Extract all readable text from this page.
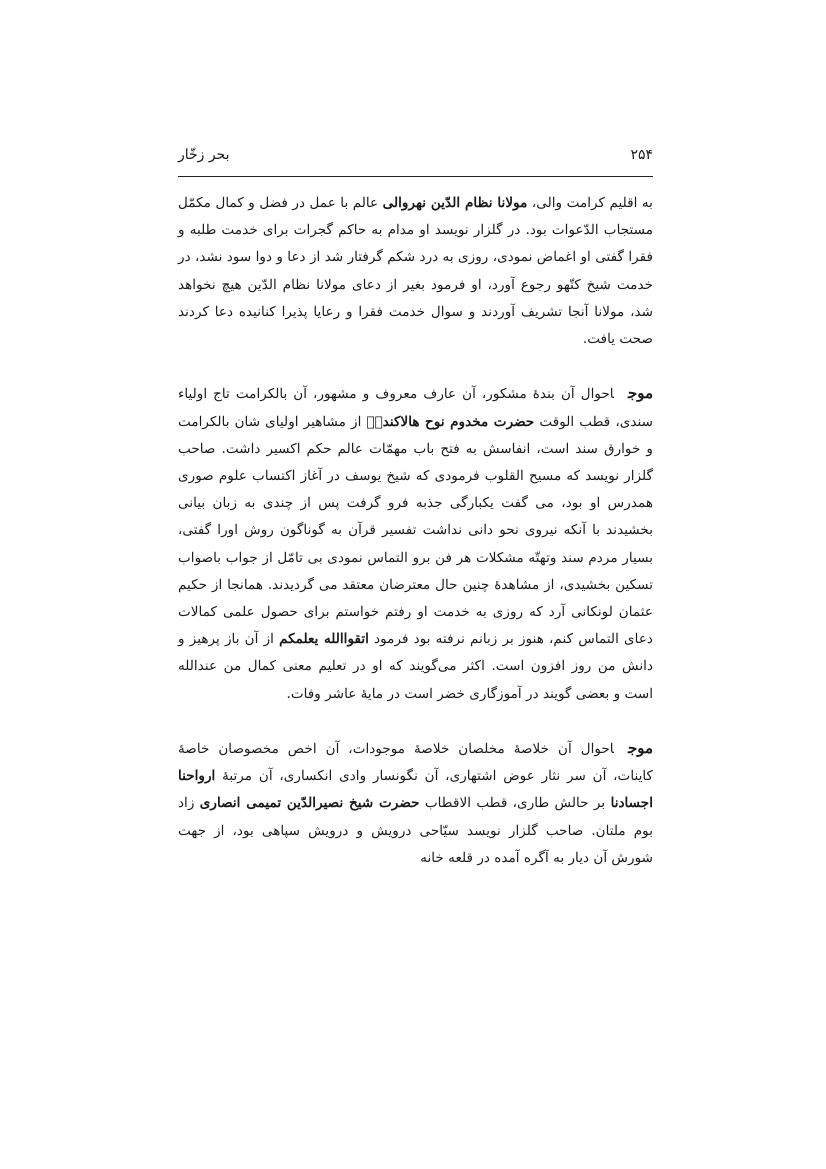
۲۵۴
بحر زخّار

به اقلیم کرامت والی، مولانا نظام الدّین نهروالی عالم با عمل در فضل و کمال مکمّل مستجاب الدّعوات بود. در گلزار نویسد او مدام به حاکم گجرات برای خدمت طلبه و فقرا گفتی او اغماض نمودی، روزی به درد شکم گرفتار شد از دعا و دوا سود نشد، در خدمت شیخ کتّهو رجوع آورد، او فرمود بغیر از دعای مولانا نظام الدّین هیچ نخواهد شد، مولانا آنجا تشریف آوردند و سوال خدمت فقرا و رعایا پذیرا کنانیده دعا کردند صحت یافت.

موجاحوال آن بندهٔ مشکور، آن عارف معروف و مشهور، آن بالکرامت تاج اولیاء سندی، قطب الوقت حضرت مخدوم نوح هالاکندیؒ از مشاهیر اولیای شان بالکرامت و خوارق سند است، انفاسش به فتح باب مهمّات عالم حکم اکسیر داشت. صاحب گلزار نویسد که مسیح القلوب فرمودی که شیخ یوسف در آغاز اکتساب علوم صوری همدرس او بود، می گفت یکبارگی جذبه فرو گرفت پس از چندی به زبان بیانی بخشیدند با آنکه نیروی نحو دانی نداشت تفسیر قرآن به گوناگون روش اورا گفتی، بسیار مردم سند وتهتّه مشکلات هر فن برو التماس نمودی بی تامّل از جواب باصواب تسکین بخشیدی، از مشاهدهٔ چنین حال معترضان معتقد می گردیدند. همانجا از حکیم عثمان لونکانی آرد که روزی به خدمت او رفتم خواستم برای حصول علمی کمالات دعای التماس کنم، هنوز بر زبانم نرفته بود فرمود اتقواالله یعلمکم از آن باز پرهیز و دانش من روز افزون است. اکثر می‌گویند که او در تعلیم معنی کمال من عندالله است و بعضی گویند در آموزگاری خضر است در مایهٔ عاشر وفات.

موجاحوال آن خلاصهٔ مخلصان خلاصهٔ موجودات، آن اخص مخصوصان خاصهٔ کاینات، آن سر نثار عوض اشتهاری، آن نگونسار وادی انکساری، آن مرتبهٔ ارواحنا اجسادنا بر حالش طاری، قطب الاقطاب حضرت شیخ نصیرالدّین تمیمی انصاری زاد بوم ملتان. صاحب گلزار نویسد سیّاحی درویش و درویش سپاهی بود، از جهت شورش آن دیار به آگره آمده در قلعه خانه
